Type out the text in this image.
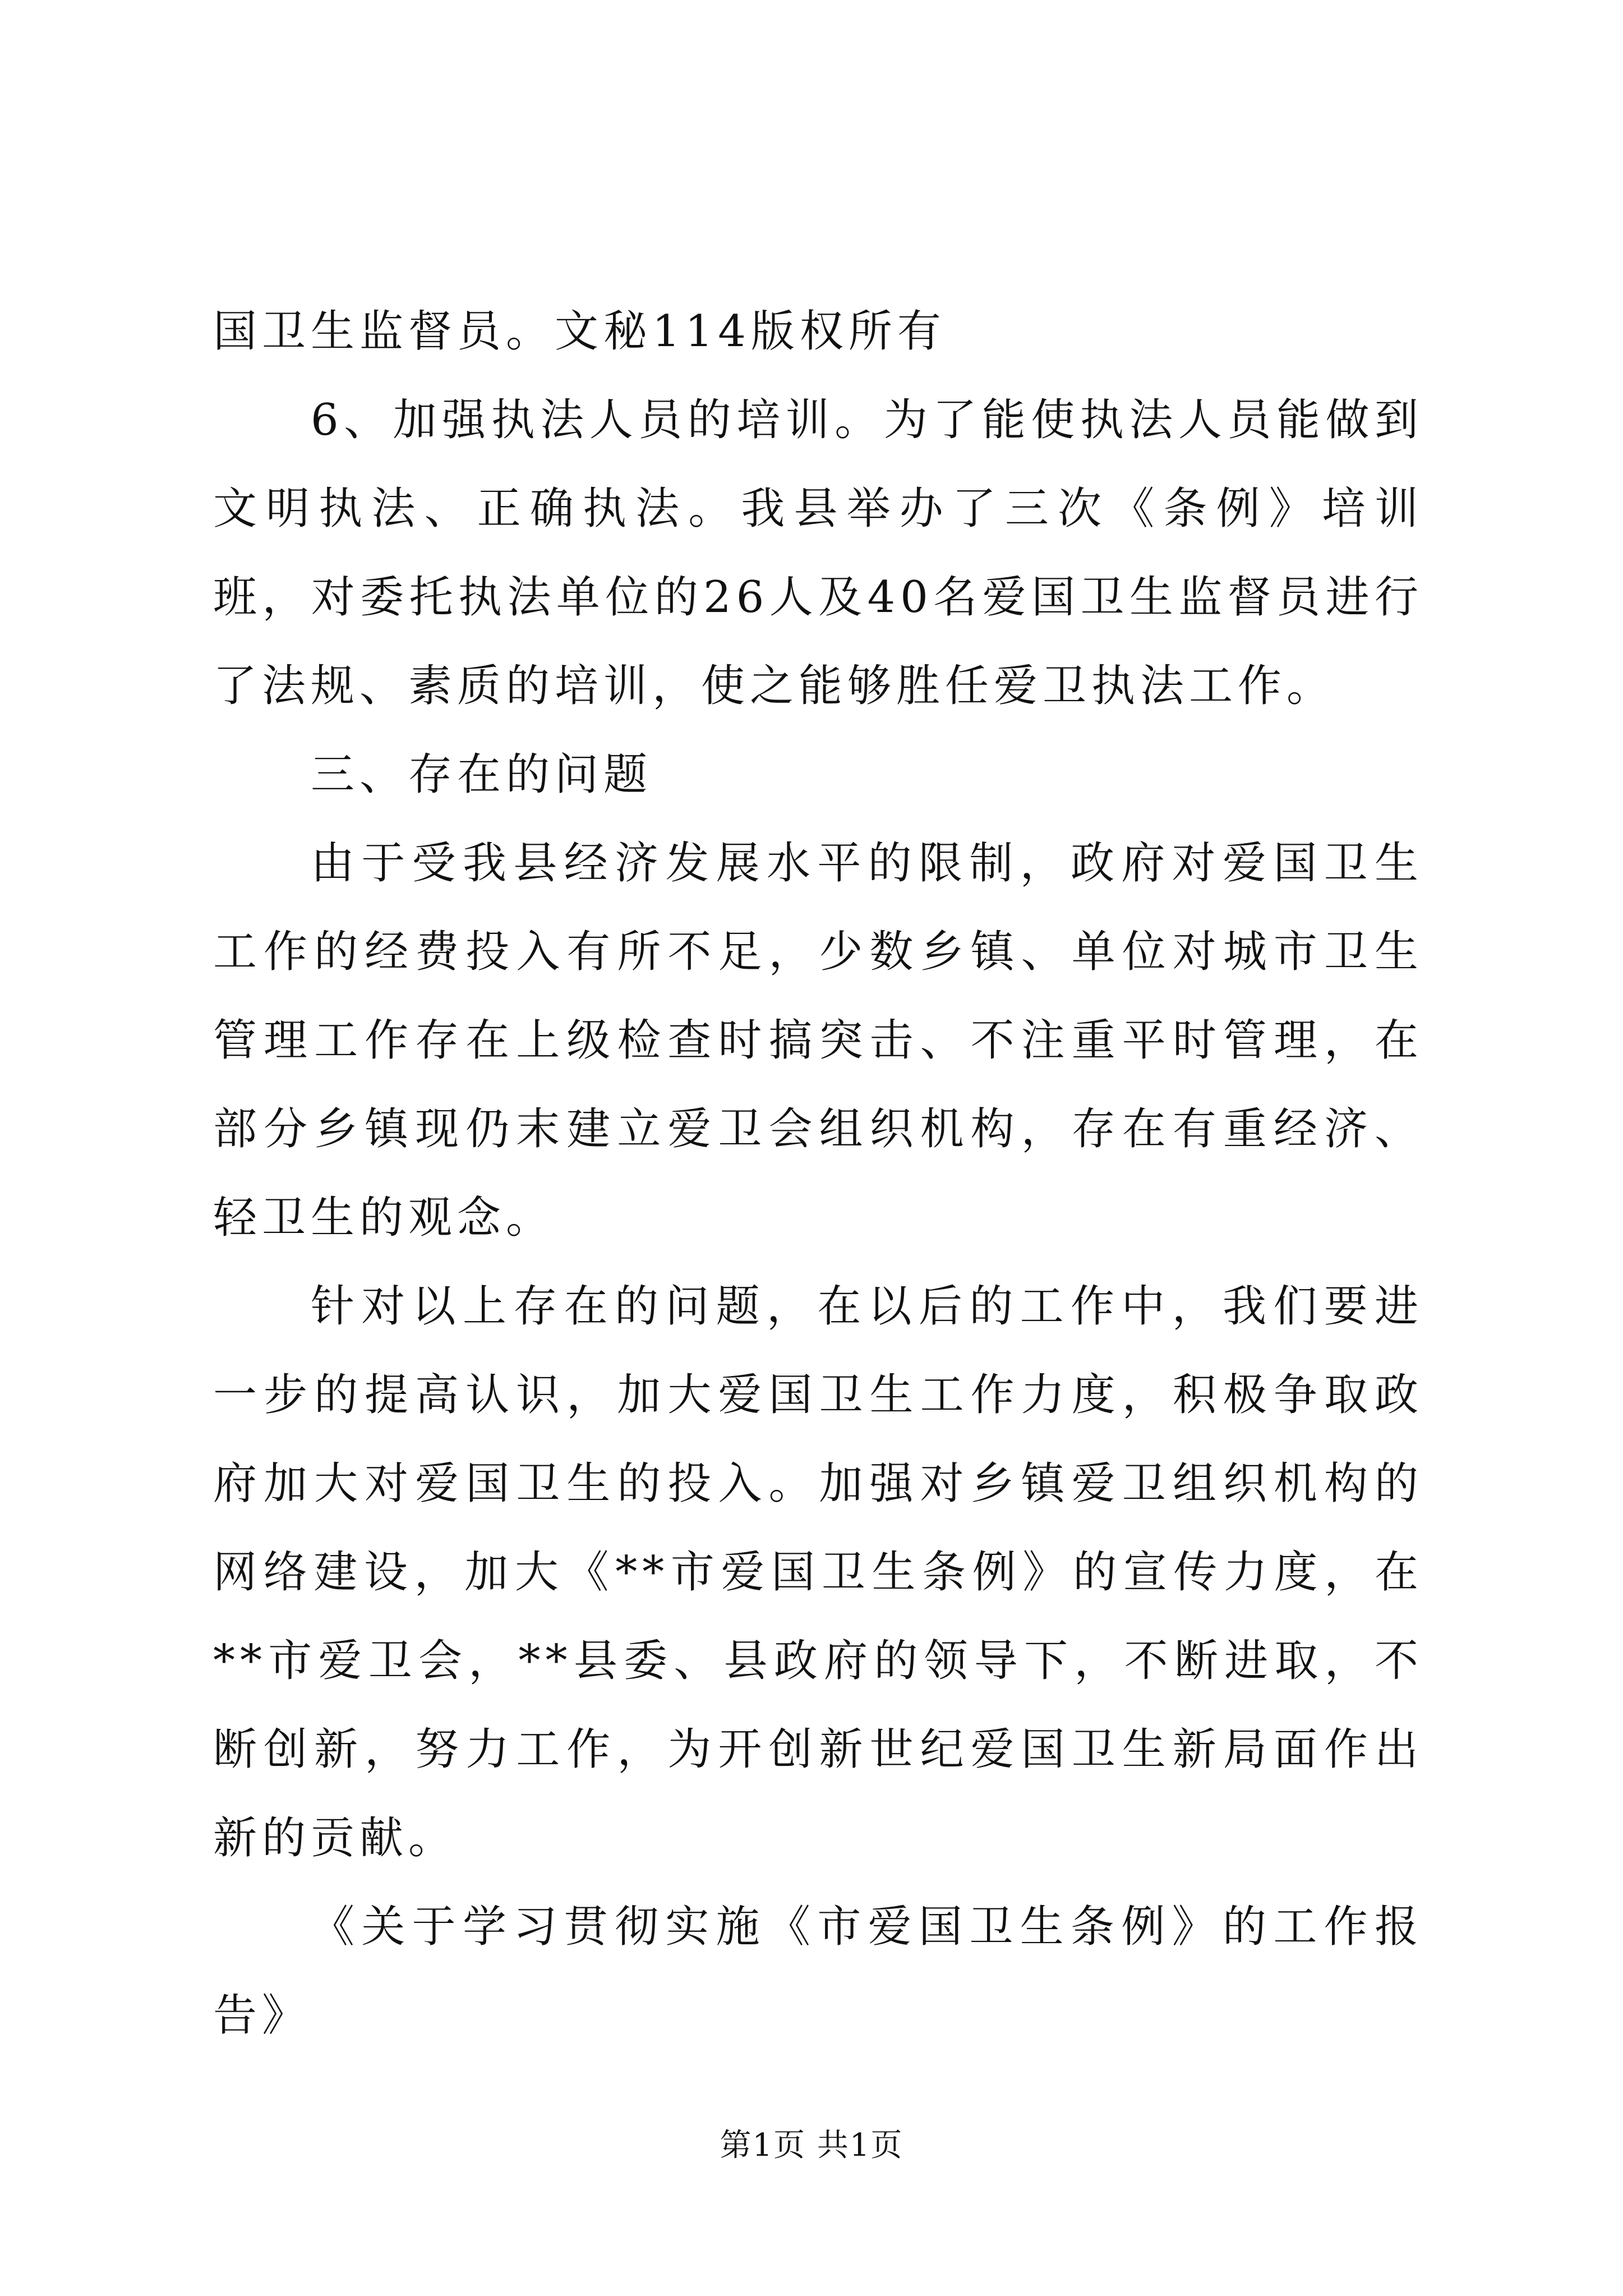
国卫生监督员。文秘114版权所有

6、加强执法人员的培训。为了能使执法人员能做到文明执法、正确执法。我县举办了三次《条例》培训班，对委托执法单位的26人及40名爱国卫生监督员进行了法规、素质的培训，使之能够胜任爱卫执法工作。

三、存在的问题

由于受我县经济发展水平的限制，政府对爱国卫生工作的经费投入有所不足，少数乡镇、单位对城市卫生管理工作存在上级检查时搞突击、不注重平时管理，在部分乡镇现仍末建立爱卫会组织机构，存在有重经济、轻卫生的观念。

针对以上存在的问题，在以后的工作中，我们要进一步的提高认识，加大爱国卫生工作力度，积极争取政府加大对爱国卫生的投入。加强对乡镇爱卫组织机构的网络建设，加大《**市爱国卫生条例》的宣传力度，在**市爱卫会，**县委、县政府的领导下，不断进取，不断创新，努力工作，为开创新世纪爱国卫生新局面作出新的贡献。

《关于学习贯彻实施《市爱国卫生条例》的工作报告》

第1页 共1页
